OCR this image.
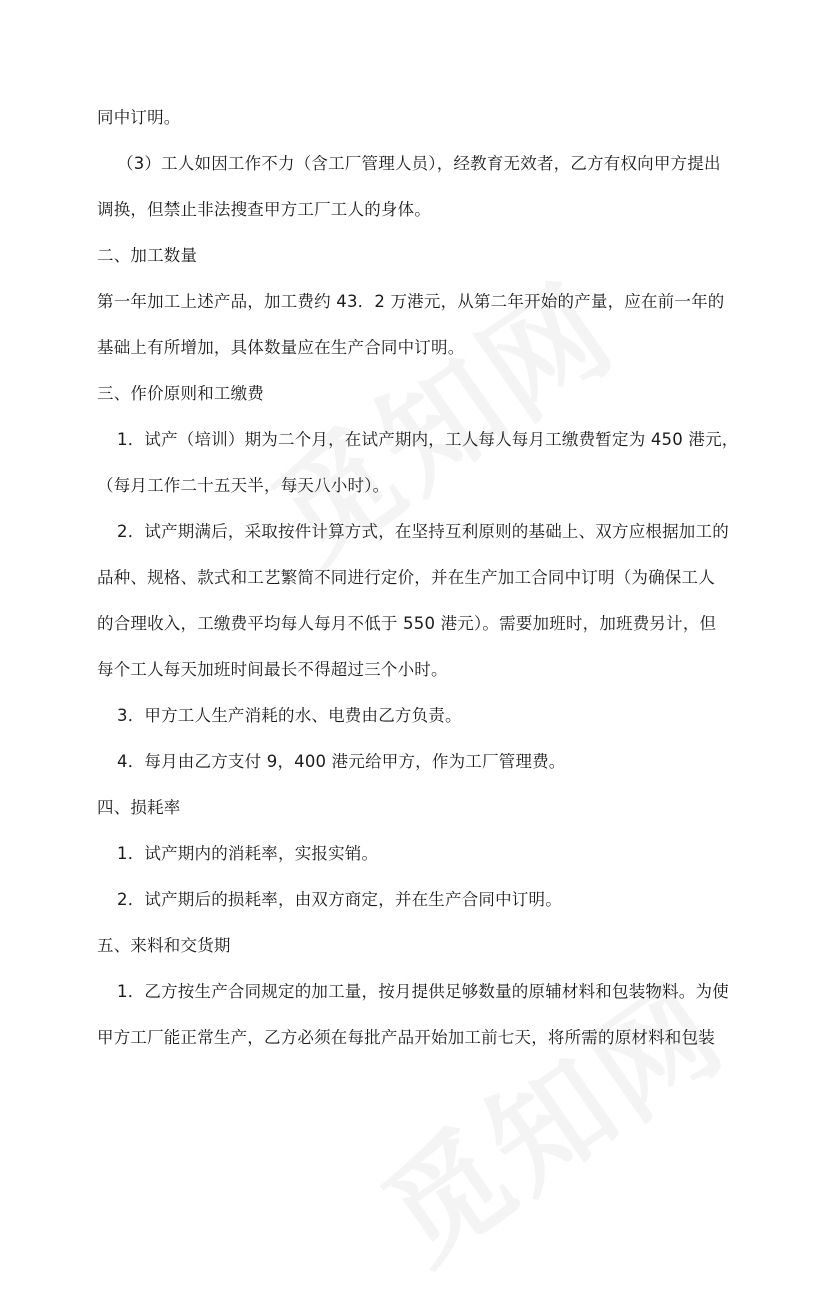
同中订明。
（3）工人如因工作不力（含工厂管理人员），经教育无效者，乙方有权向甲方提出
调换，但禁止非法搜查甲方工厂工人的身体。
二、加工数量
第一年加工上述产品，加工费约 43．2 万港元，从第二年开始的产量，应在前一年的
基础上有所增加，具体数量应在生产合同中订明。
三、作价原则和工缴费
1．试产（培训）期为二个月，在试产期内，工人每人每月工缴费暂定为 450 港元，
（每月工作二十五天半，每天八小时）。
2．试产期满后，采取按件计算方式，在坚持互利原则的基础上、双方应根据加工的
品种、规格、款式和工艺繁简不同进行定价，并在生产加工合同中订明（为确保工人
的合理收入，工缴费平均每人每月不低于 550 港元）。需要加班时，加班费另计，但
每个工人每天加班时间最长不得超过三个小时。
3．甲方工人生产消耗的水、电费由乙方负责。
4．每月由乙方支付 9，400 港元给甲方，作为工厂管理费。
四、损耗率
1．试产期内的消耗率，实报实销。
2．试产期后的损耗率，由双方商定，并在生产合同中订明。
五、来料和交货期
1．乙方按生产合同规定的加工量，按月提供足够数量的原辅材料和包装物料。为使
甲方工厂能正常生产，乙方必须在每批产品开始加工前七天，将所需的原材料和包装
